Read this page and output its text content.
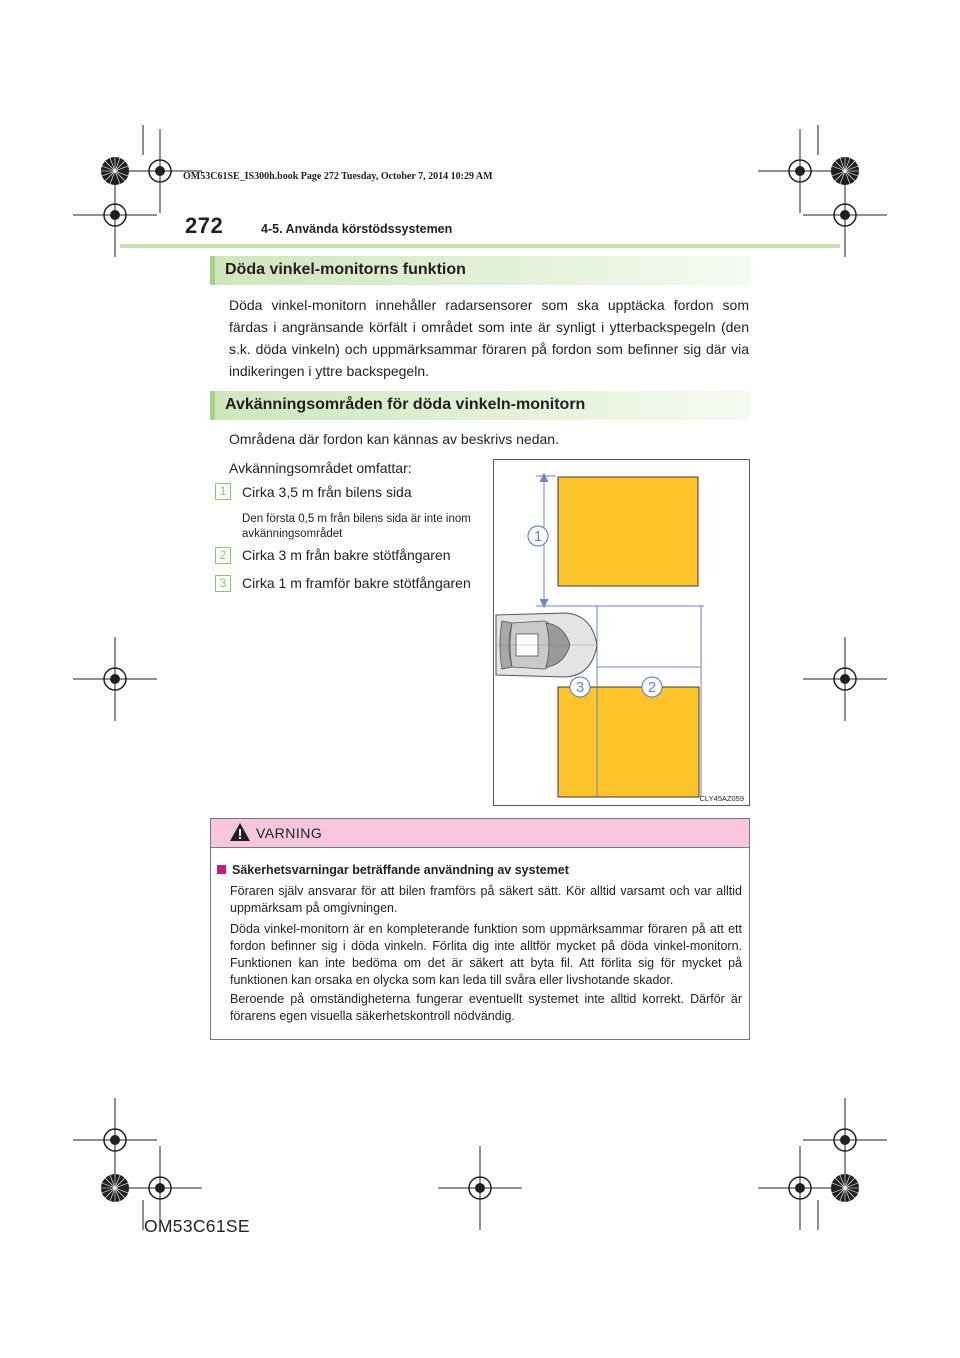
OM53C61SE_IS300h.book Page 272 Tuesday, October 7, 2014 10:29 AM
272	4-5. Använda körstödssystemen
Döda vinkel-monitorns funktion
Döda vinkel-monitorn innehåller radarsensorer som ska upptäcka fordon som färdas i angränsande körfält i området som inte är synligt i ytterbackspegeln (den s.k. döda vinkeln) och uppmärksammar föraren på fordon som befinner sig där via indikeringen i yttre backspegeln.
Avkänningsområden för döda vinkeln-monitorn
Områdena där fordon kan kännas av beskrivs nedan.
Avkänningsområdet omfattar:
1	Cirka 3,5 m från bilens sida
Den första 0,5 m från bilens sida är inte inom avkänningsområdet
2	Cirka 3 m från bakre stötfångaren
3	Cirka 1 m framför bakre stötfångaren
1
2
3
CLY45AZ059
VARNING
Säkerhetsvarningar beträffande användning av systemet
Föraren själv ansvarar för att bilen framförs på säkert sätt. Kör alltid varsamt och var alltid uppmärksam på omgivningen.
Döda vinkel-monitorn är en kompleterande funktion som uppmärksammar föraren på att ett fordon befinner sig i döda vinkeln. Förlita dig inte alltför mycket på döda vinkel-monitorn. Funktionen kan inte bedöma om det är säkert att byta fil. Att förlita sig för mycket på funktionen kan orsaka en olycka som kan leda till svåra eller livshotande skador.
Beroende på omständigheterna fungerar eventuellt systemet inte alltid korrekt. Därför är förarens egen visuella säkerhetskontroll nödvändig.
OM53C61SE
